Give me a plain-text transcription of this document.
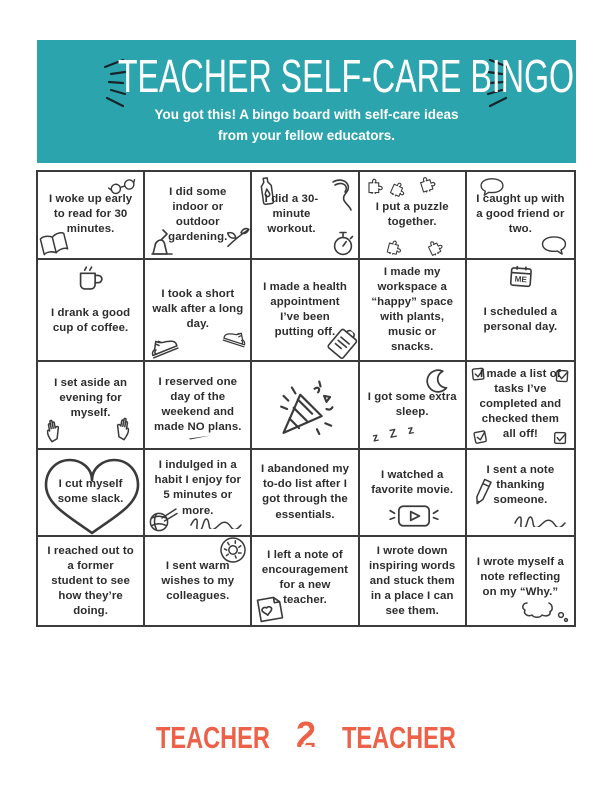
TEACHER SELF-CARE BINGO
You got this! A bingo board with self-care ideas
from your fellow educators.
I woke up early to read for 30 minutes.
I did some indoor or outdoor gardening.
I did a 30-minute workout.
I put a puzzle together.
I caught up with a good friend or two.
I drank a good cup of coffee.
I took a short walk after a long day.
I made a health appointment I’ve been putting off.
I made my workspace a “happy” space with plants, music or snacks.
ME
I scheduled a personal day.
I set aside an evening for myself.
I reserved one day of the weekend and made NO plans.	z Z z
I got some extra sleep.
I made a list of tasks I’ve completed and checked them all off!
I cut myself some slack.
I indulged in a habit I enjoy for 5 minutes or more.
I abandoned my to-do list after I got through the essentials.
I watched a favorite movie.
I sent a note thanking someone.
I reached out to a former student to see how they’re doing.
I sent warm wishes to my colleagues.
I left a note of encouragement for a new teacher.
I wrote down inspiring words and stuck them in a place I can see them.
I wrote myself a note reflecting on my “Why.”
TEACHER 2 TEACHER
